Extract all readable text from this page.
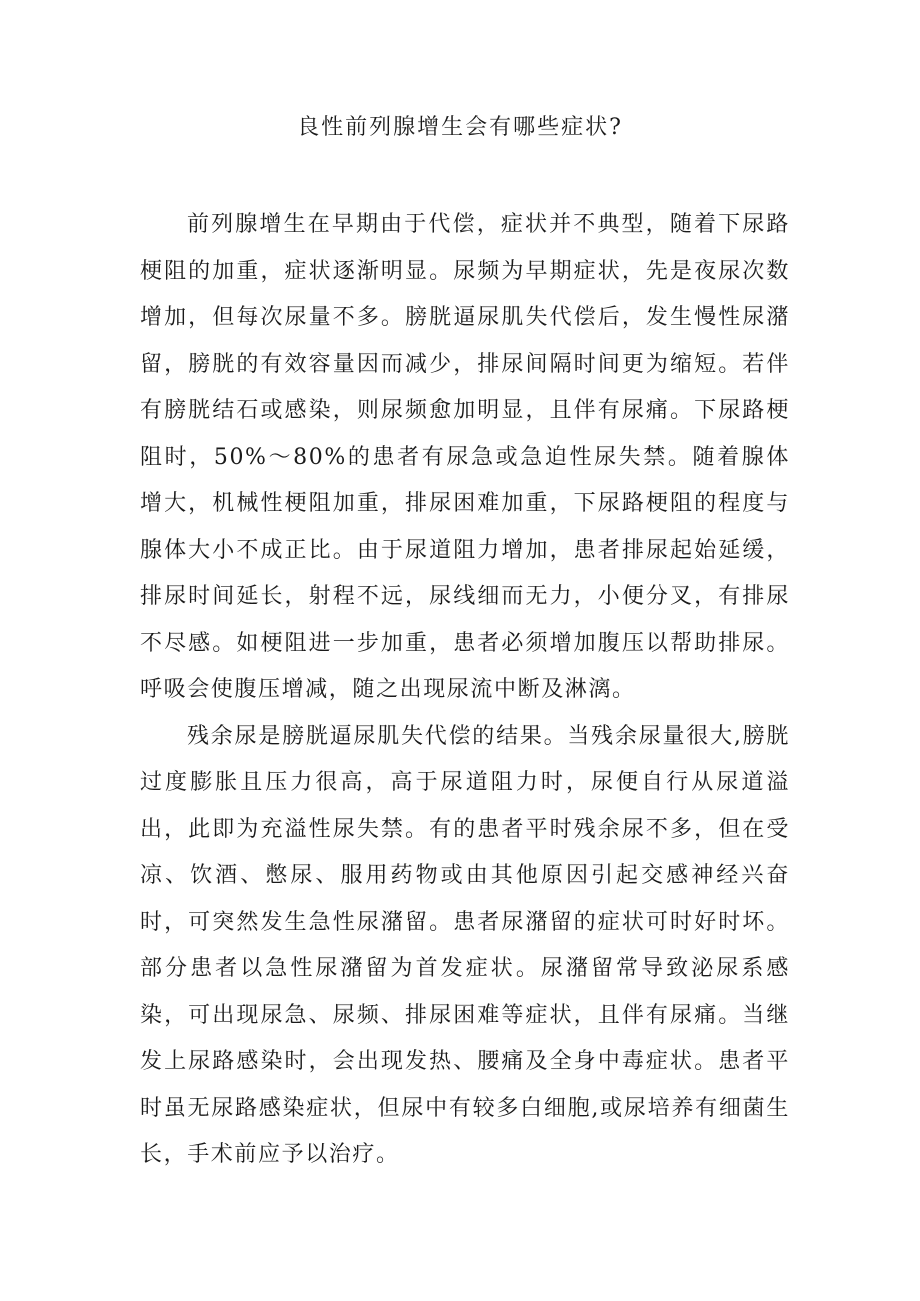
良性前列腺增生会有哪些症状?

前列腺增生在早期由于代偿，症状并不典型，随着下尿路梗阻的加重，症状逐渐明显。尿频为早期症状，先是夜尿次数增加，但每次尿量不多。膀胱逼尿肌失代偿后，发生慢性尿潴留，膀胱的有效容量因而减少，排尿间隔时间更为缩短。若伴有膀胱结石或感染，则尿频愈加明显，且伴有尿痛。下尿路梗阻时，50%～80%的患者有尿急或急迫性尿失禁。随着腺体增大，机械性梗阻加重，排尿困难加重，下尿路梗阻的程度与腺体大小不成正比。由于尿道阻力增加，患者排尿起始延缓，排尿时间延长，射程不远，尿线细而无力，小便分叉，有排尿不尽感。如梗阻进一步加重，患者必须增加腹压以帮助排尿。呼吸会使腹压增减，随之出现尿流中断及淋漓。

残余尿是膀胱逼尿肌失代偿的结果。当残余尿量很大,膀胱过度膨胀且压力很高，高于尿道阻力时，尿便自行从尿道溢出，此即为充溢性尿失禁。有的患者平时残余尿不多，但在受凉、饮酒、憋尿、服用药物或由其他原因引起交感神经兴奋时，可突然发生急性尿潴留。患者尿潴留的症状可时好时坏。部分患者以急性尿潴留为首发症状。尿潴留常导致泌尿系感染，可出现尿急、尿频、排尿困难等症状，且伴有尿痛。当继发上尿路感染时，会出现发热、腰痛及全身中毒症状。患者平时虽无尿路感染症状，但尿中有较多白细胞,或尿培养有细菌生长，手术前应予以治疗。
